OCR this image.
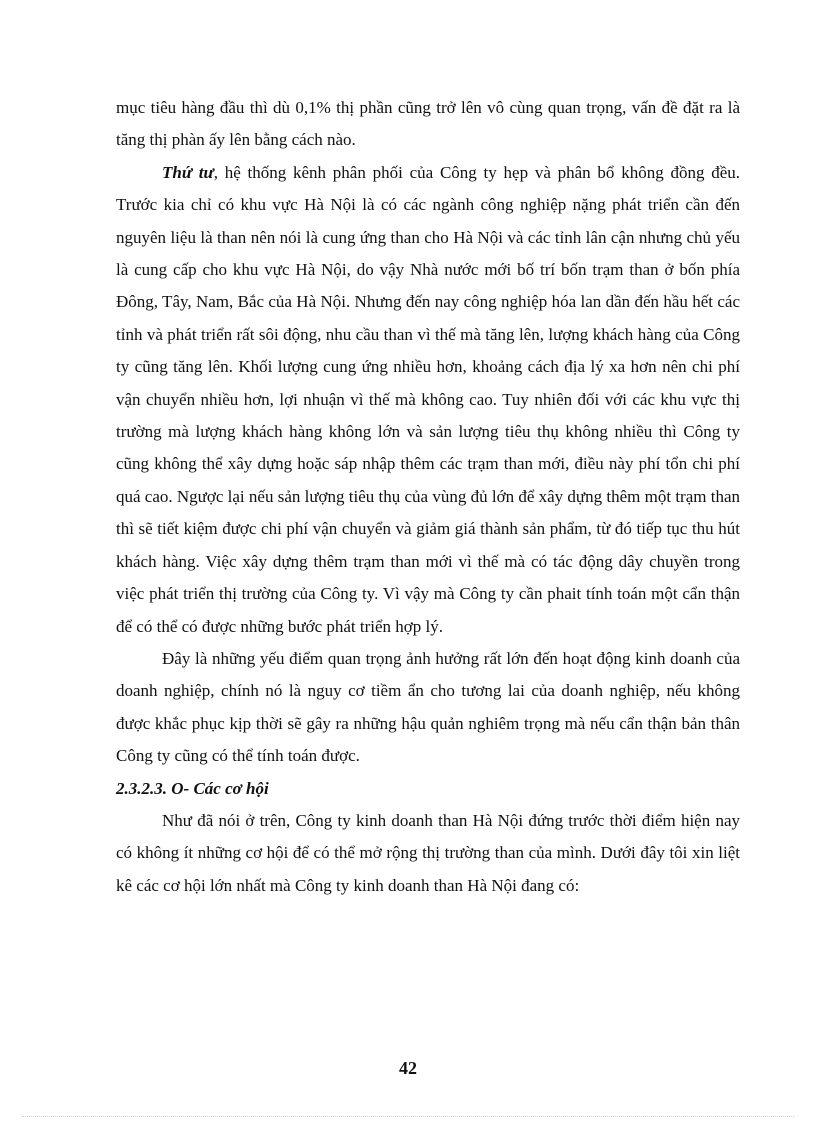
mục tiêu hàng đầu thì dù 0,1% thị phần cũng trở lên vô cùng quan trọng, vấn đề đặt ra là tăng thị phàn ấy lên bằng cách nào.

Thứ tư, hệ thống kênh phân phối của Công ty hẹp và phân bổ không đồng đều. Trước kia chỉ có khu vực Hà Nội là có các ngành công nghiệp nặng phát triển cần đến nguyên liệu là than nên nói là cung ứng than cho Hà Nội và các tỉnh lân cận nhưng chủ yếu là cung cấp cho khu vực Hà Nội, do vậy Nhà nước mới bố trí bốn trạm than ở bốn phía Đông, Tây, Nam, Bắc của Hà Nội. Nhưng đến nay công nghiệp hóa lan dần đến hầu hết các tỉnh và phát triển rất sôi động, nhu cầu than vì thế mà tăng lên, lượng khách hàng của Công ty cũng tăng lên. Khối lượng cung ứng nhiều hơn, khoảng cách địa lý xa hơn nên chi phí vận chuyển nhiều hơn, lợi nhuận vì thế mà không cao. Tuy nhiên đối với các khu vực thị trường mà lượng khách hàng không lớn và sản lượng tiêu thụ không nhiều thì Công ty cũng không thể xây dựng hoặc sáp nhập thêm các trạm than mới, điều này phí tổn chi phí quá cao. Ngược lại nếu sản lượng tiêu thụ của vùng đủ lớn để xây dựng thêm một trạm than thì sẽ tiết kiệm được chi phí vận chuyển và giảm giá thành sản phẩm, từ đó tiếp tục thu hút khách hàng. Việc xây dựng thêm trạm than mới vì thế mà có tác động dây chuyền trong việc phát triển thị trường của Công ty. Vì vậy mà Công ty cần phait tính toán một cẩn thận để có thể có được những bước phát triển hợp lý.

Đây là những yếu điểm quan trọng ảnh hưởng rất lớn đến hoạt động kinh doanh của doanh nghiệp, chính nó là nguy cơ tiềm ẩn cho tương lai của doanh nghiệp, nếu không được khắc phục kịp thời sẽ gây ra những hậu quản nghiêm trọng mà nếu cẩn thận bản thân Công ty cũng có thể tính toán được.

2.3.2.3. O- Các cơ hội

Như đã nói ở trên, Công ty kinh doanh than Hà Nội đứng trước thời điểm hiện nay có không ít những cơ hội để có thể mở rộng thị trường than của mình. Dưới đây tôi xin liệt kê các cơ hội lớn nhất mà Công ty kinh doanh than Hà Nội đang có:

42
